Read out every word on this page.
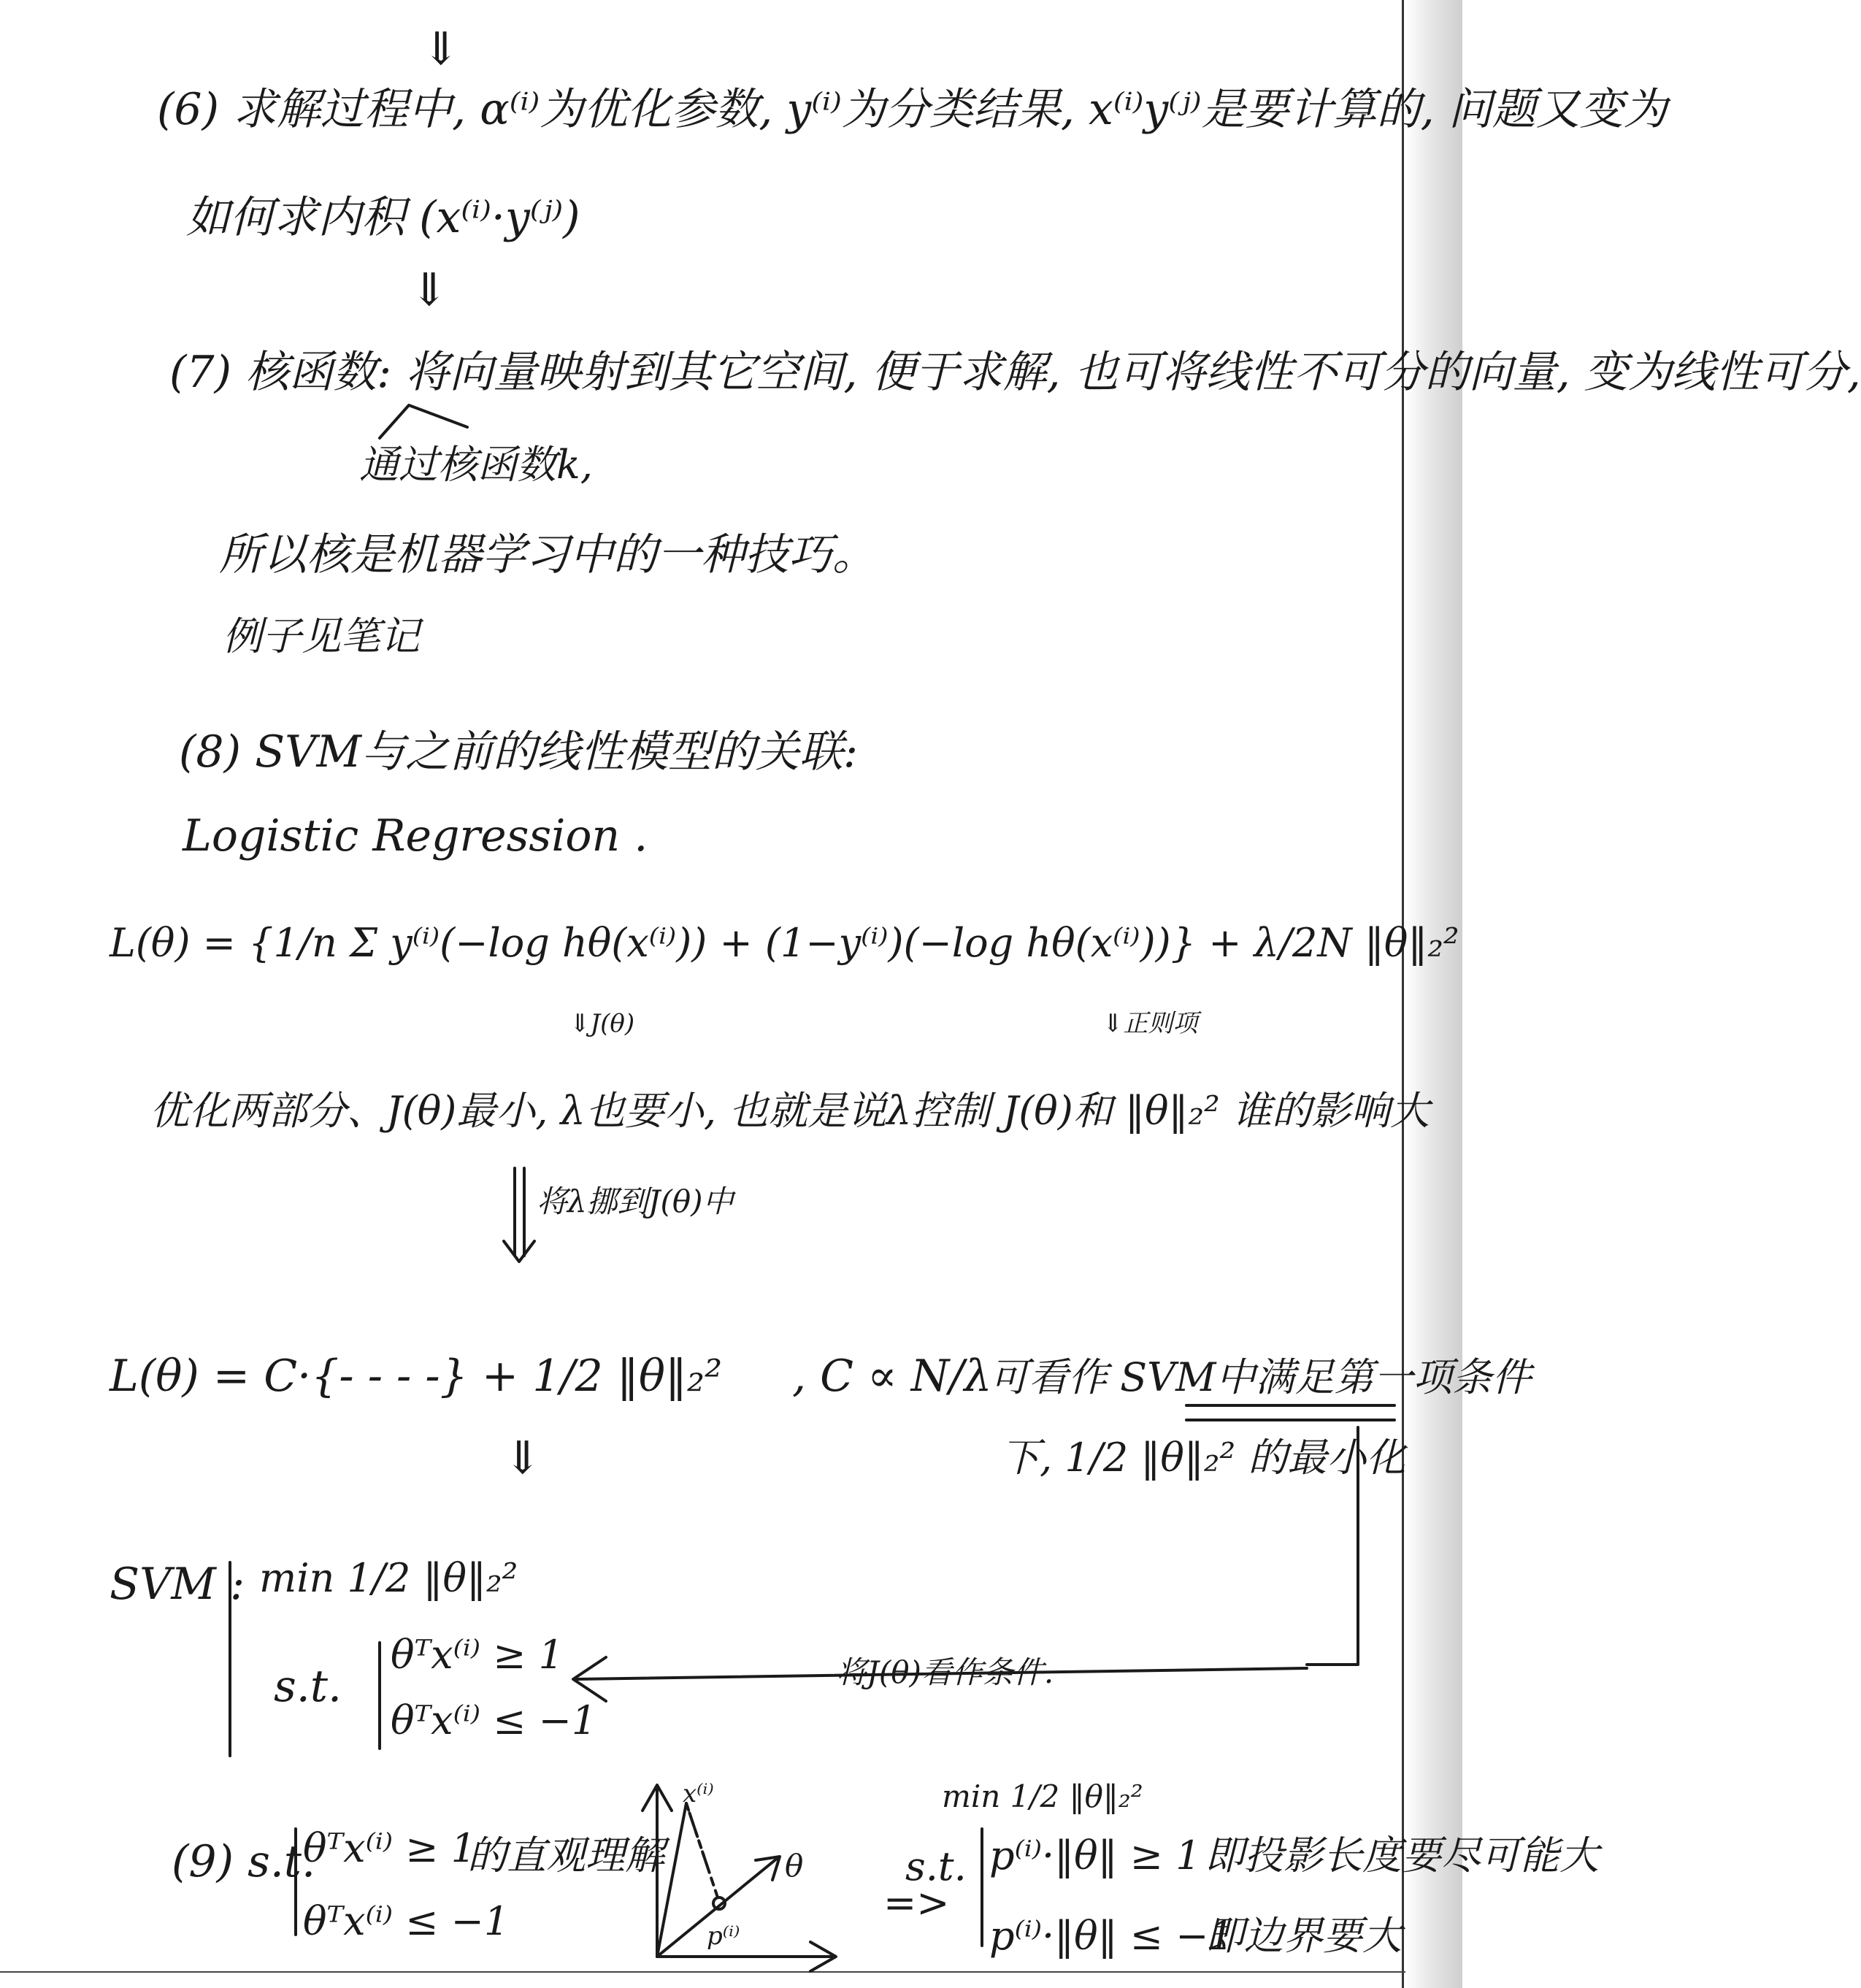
⇓
⇓
⇓
(6) 求解过程中, α⁽ⁱ⁾为优化参数, y⁽ⁱ⁾为分类结果, x⁽ⁱ⁾y⁽ʲ⁾是要计算的, 问题又变为
如何求内积 (x⁽ⁱ⁾·y⁽ʲ⁾)
(7) 核函数: 将向量映射到其它空间, 便于求解, 也可将线性不可分的向量, 变为线性可分,
通过核函数k,
所以核是机器学习中的一种技巧。
例子见笔记
(8) SVM与之前的线性模型的关联:
Logistic Regression .
L(θ) = {1/n Σ y⁽ⁱ⁾(−log hθ(x⁽ⁱ⁾)) + (1−y⁽ⁱ⁾)(−log hθ(x⁽ⁱ⁾))} + λ/2N ‖θ‖₂²
⇓J(θ)	⇓正则项
优化两部分、J(θ)最小, λ也要小, 也就是说λ控制 J(θ)和 ‖θ‖₂² 谁的影响大
将λ挪到J(θ)中
L(θ) = C·{- - - -} + 1/2 ‖θ‖₂² , C ∝ N/λ
可看作 SVM中满足第一项条件
下, 1/2 ‖θ‖₂² 的最小化
SVM : min 1/2 ‖θ‖₂²
s.t.
θᵀx⁽ⁱ⁾ ≥ 1
θᵀx⁽ⁱ⁾ ≤ −1
将J(θ)看作条件.
(9) s.t.
θᵀx⁽ⁱ⁾ ≥ 1
θᵀx⁽ⁱ⁾ ≤ −1
的直观理解
x⁽ⁱ⁾
θ
p⁽ⁱ⁾
=>
min 1/2 ‖θ‖₂²
s.t. p⁽ⁱ⁾·‖θ‖ ≥ 1
p⁽ⁱ⁾·‖θ‖ ≤ −1
即投影长度要尽可能大
即边界要大
